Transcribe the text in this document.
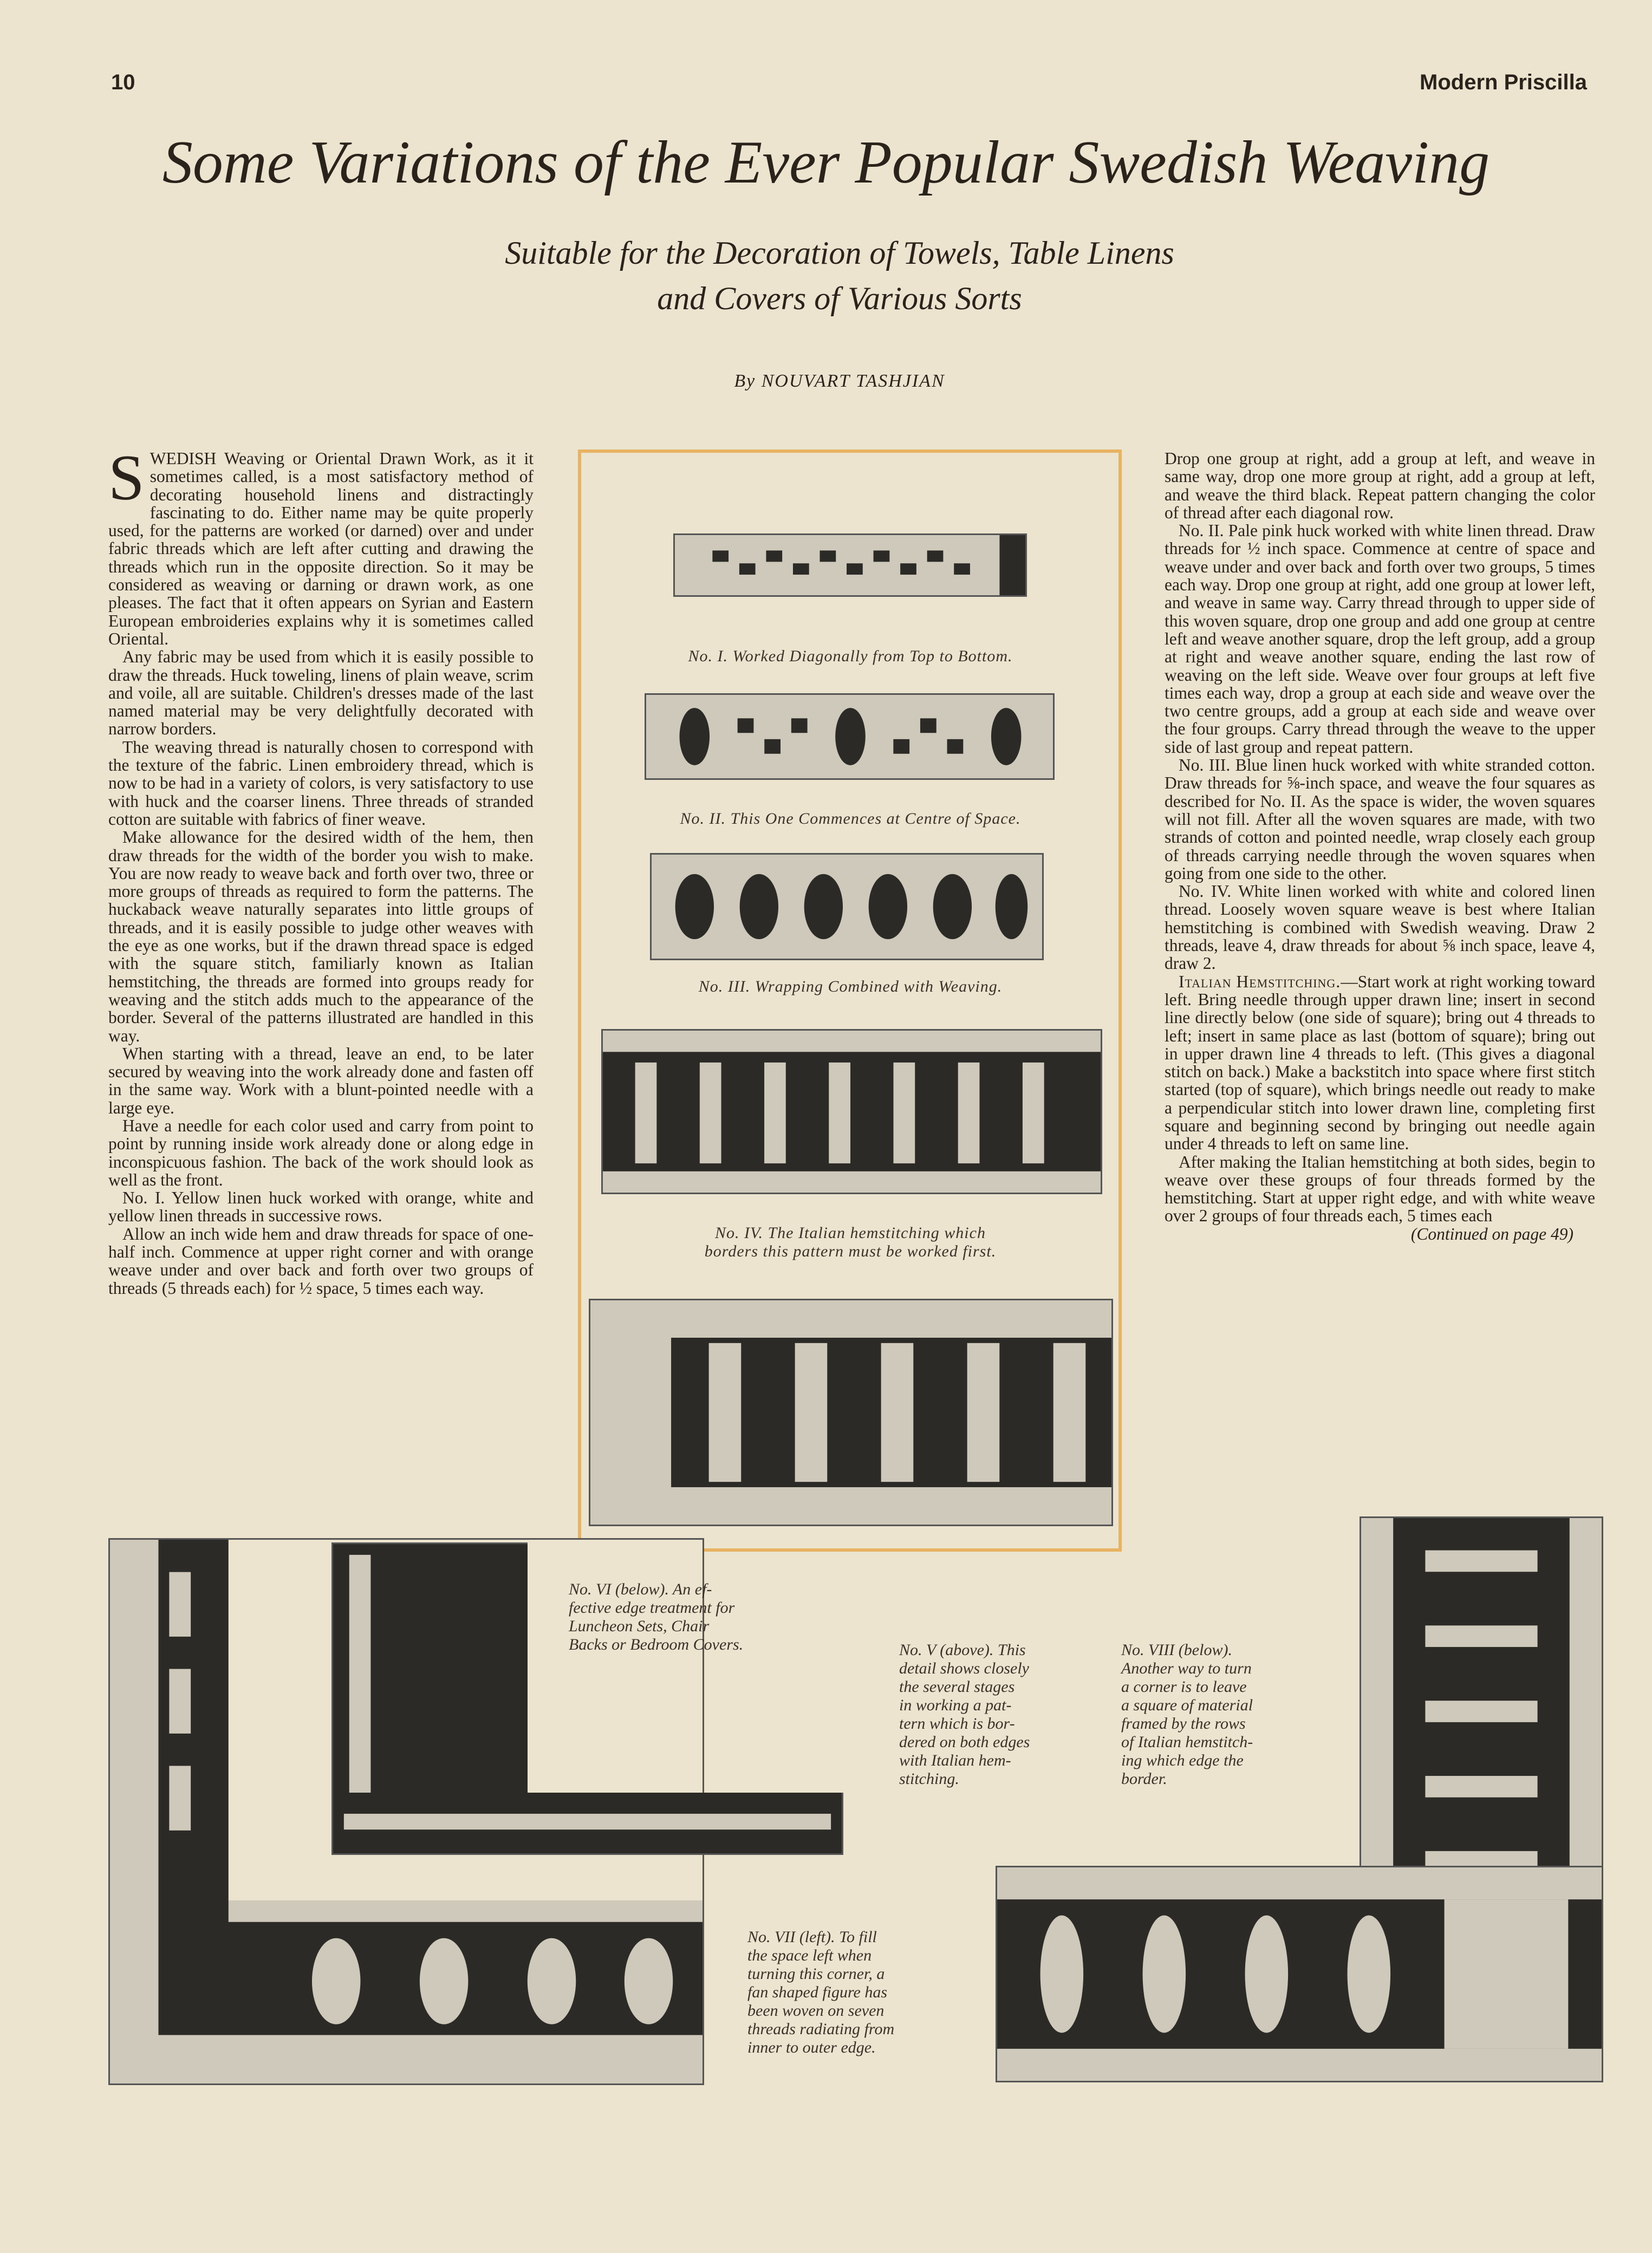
10	Modern Priscilla
Some Variations of the Ever Popular Swedish Weaving
Suitable for the Decoration of Towels, Table Linens
and Covers of Various Sorts
By NOUVART TASHJIAN

SWEDISH Weaving or Oriental Drawn Work, as it it sometimes called, is a most satisfactory method of decorating household linens and distractingly fascinating to do. Either name may be quite properly used, for the patterns are worked (or darned) over and under fabric threads which are left after cutting and drawing the threads which run in the opposite direction. So it may be considered as weaving or darning or drawn work, as one pleases. The fact that it often appears on Syrian and Eastern European embroideries explains why it is sometimes called Oriental.

Any fabric may be used from which it is easily possible to draw the threads. Huck toweling, linens of plain weave, scrim and voile, all are suitable. Children's dresses made of the last named material may be very delightfully decorated with narrow borders.

The weaving thread is naturally chosen to correspond with the texture of the fabric. Linen embroidery thread, which is now to be had in a variety of colors, is very satisfactory to use with huck and the coarser linens. Three threads of stranded cotton are suitable with fabrics of finer weave.

Make allowance for the desired width of the hem, then draw threads for the width of the border you wish to make. You are now ready to weave back and forth over two, three or more groups of threads as required to form the patterns. The huckaback weave naturally separates into little groups of threads, and it is easily possible to judge other weaves with the eye as one works, but if the drawn thread space is edged with the square stitch, familiarly known as Italian hemstitching, the threads are formed into groups ready for weaving and the stitch adds much to the appearance of the border. Several of the patterns illustrated are handled in this way.

When starting with a thread, leave an end, to be later secured by weaving into the work already done and fasten off in the same way. Work with a blunt-pointed needle with a large eye.

Have a needle for each color used and carry from point to point by running inside work already done or along edge in inconspicuous fashion. The back of the work should look as well as the front.

No. I. Yellow linen huck worked with orange, white and yellow linen threads in successive rows.

Allow an inch wide hem and draw threads for space of one-half inch. Commence at upper right corner and with orange weave under and over back and forth over two groups of threads (5 threads each) for ½ space, 5 times each way.

Drop one group at right, add a group at left, and weave in same way, drop one more group at right, add a group at left, and weave the third black. Repeat pattern changing the color of thread after each diagonal row.

No. II. Pale pink huck worked with white linen thread. Draw threads for ½ inch space. Commence at centre of space and weave under and over back and forth over two groups, 5 times each way. Drop one group at right, add one group at lower left, and weave in same way. Carry thread through to upper side of this woven square, drop one group and add one group at centre left and weave another square, drop the left group, add a group at right and weave another square, ending the last row of weaving on the left side. Weave over four groups at left five times each way, drop a group at each side and weave over the two centre groups, add a group at each side and weave over the four groups. Carry thread through the weave to the upper side of last group and repeat pattern.

No. III. Blue linen huck worked with white stranded cotton. Draw threads for ⅝-inch space, and weave the four squares as described for No. II. As the space is wider, the woven squares will not fill. After all the woven squares are made, with two strands of cotton and pointed needle, wrap closely each group of threads carrying needle through the woven squares when going from one side to the other.

No. IV. White linen worked with white and colored linen thread. Loosely woven square weave is best where Italian hemstitching is combined with Swedish weaving. Draw 2 threads, leave 4, draw threads for about ⅝ inch space, leave 4, draw 2.

Italian Hemstitching.—Start work at right working toward left. Bring needle through upper drawn line; insert in second line directly below (one side of square); bring out 4 threads to left; insert in same place as last (bottom of square); bring out in upper drawn line 4 threads to left. (This gives a diagonal stitch on back.) Make a backstitch into space where first stitch started (top of square), which brings needle out ready to make a perpendicular stitch into lower drawn line, completing first square and beginning second by bringing out needle again under 4 threads to left on same line.

After making the Italian hemstitching at both sides, begin to weave over these groups of four threads formed by the hemstitching. Start at upper right edge, and with white weave over 2 groups of four threads each, 5 times each

(Continued on page 49)
No. I. Worked Diagonally from Top to Bottom.
No. II. This One Commences at Centre of Space.
No. III. Wrapping Combined with Weaving.
No. IV. The Italian hemstitching which
borders this pattern must be worked first.
No. VI (below). An ef-
fective edge treatment for
Luncheon Sets, Chair
Backs or Bedroom Covers.	No. V (above). This
detail shows closely
the several stages
in working a pat-
tern which is bor-
dered on both edges
with Italian hem-
stitching.
No. VIII (below).
Another way to turn
a corner is to leave
a square of material
framed by the rows
of Italian hemstitch-
ing which edge the
border.
No. VII (left). To fill
the space left when
turning this corner, a
fan shaped figure has
been woven on seven
threads radiating from
inner to outer edge.
